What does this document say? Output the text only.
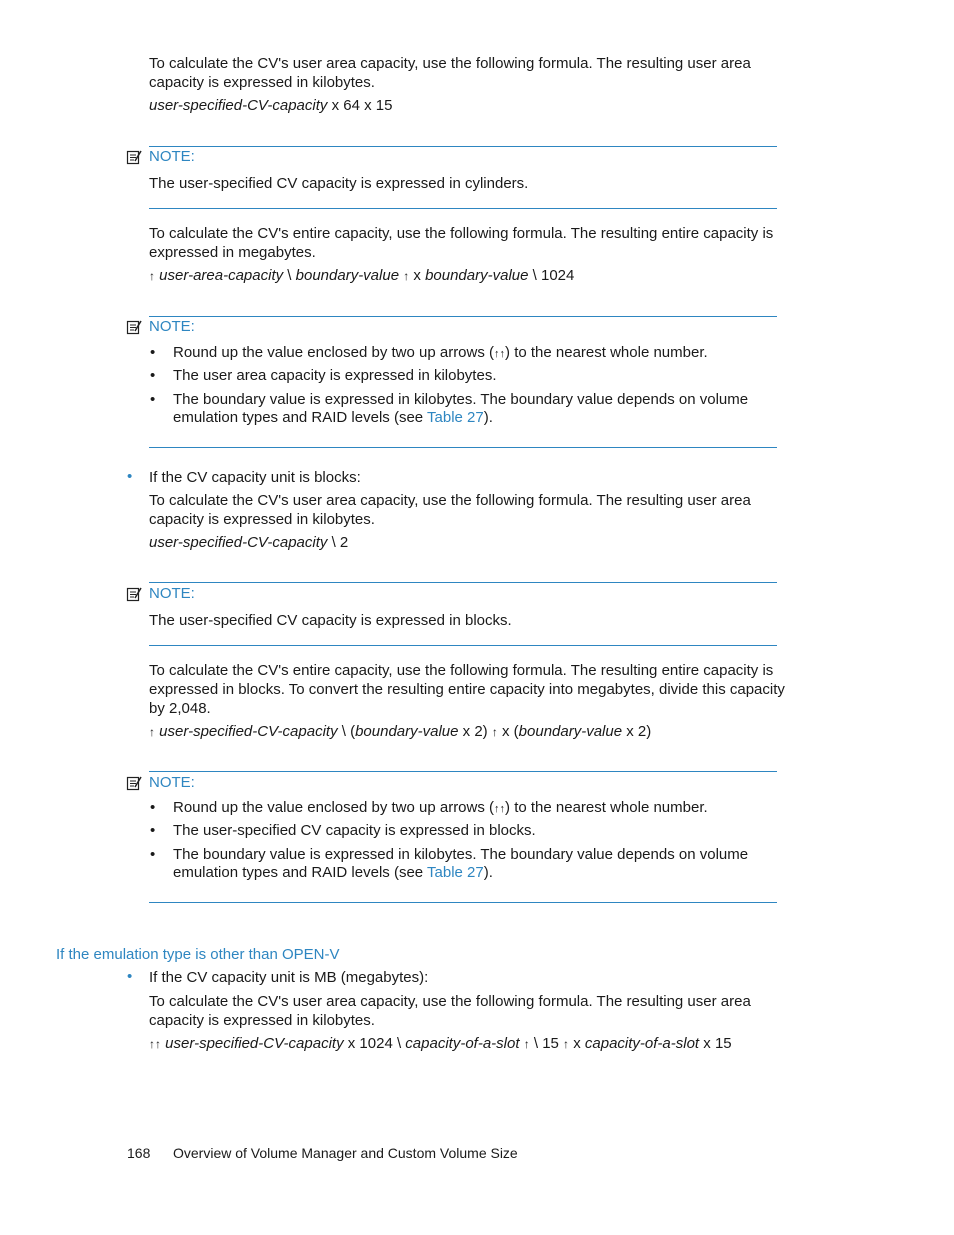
To calculate the CV's user area capacity, use the following formula. The resulting user area capacity is expressed in kilobytes.
user-specified-CV-capacity x 64 x 15
NOTE:
The user-specified CV capacity is expressed in cylinders.
To calculate the CV's entire capacity, use the following formula. The resulting entire capacity is expressed in megabytes.
↑ user-area-capacity \ boundary-value ↑ x boundary-value \ 1024
NOTE:
• Round up the value enclosed by two up arrows (↑↑) to the nearest whole number.
• The user area capacity is expressed in kilobytes.
• The boundary value is expressed in kilobytes. The boundary value depends on volume emulation types and RAID levels (see Table 27).
• If the CV capacity unit is blocks:
To calculate the CV's user area capacity, use the following formula. The resulting user area capacity is expressed in kilobytes.
user-specified-CV-capacity \ 2
NOTE:
The user-specified CV capacity is expressed in blocks.
To calculate the CV's entire capacity, use the following formula. The resulting entire capacity is expressed in blocks. To convert the resulting entire capacity into megabytes, divide this capacity by 2,048.
↑ user-specified-CV-capacity \ (boundary-value x 2) ↑ x (boundary-value x 2)
NOTE:
• Round up the value enclosed by two up arrows (↑↑) to the nearest whole number.
• The user-specified CV capacity is expressed in blocks.
• The boundary value is expressed in kilobytes. The boundary value depends on volume emulation types and RAID levels (see Table 27).
If the emulation type is other than OPEN-V
• If the CV capacity unit is MB (megabytes):
To calculate the CV's user area capacity, use the following formula. The resulting user area capacity is expressed in kilobytes.
↑↑ user-specified-CV-capacity x 1024 \ capacity-of-a-slot ↑ \ 15 ↑ x capacity-of-a-slot x 15
168 Overview of Volume Manager and Custom Volume Size
